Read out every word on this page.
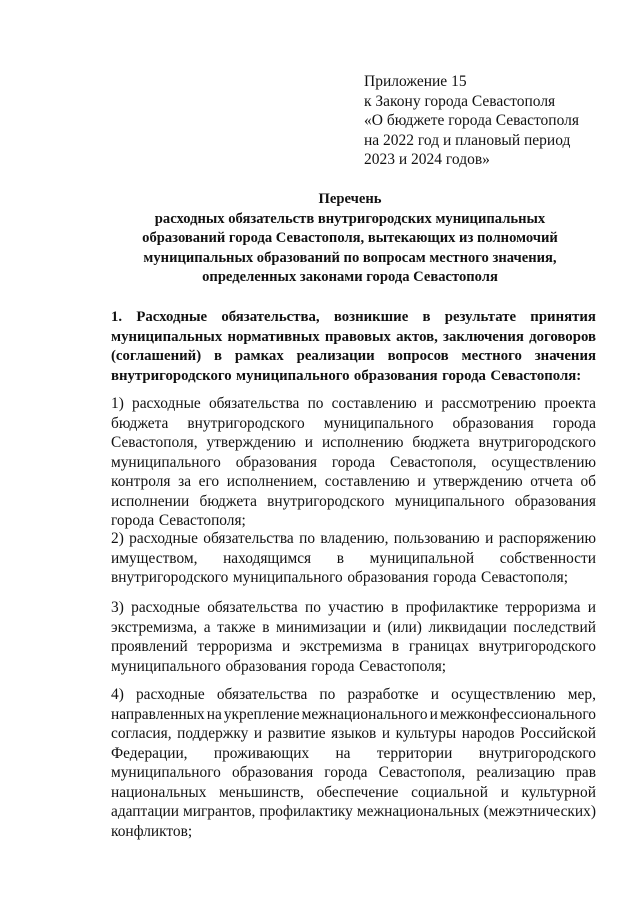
Приложение 15
к Закону города Севастополя
«О бюджете города Севастополя
на 2022 год и плановый период
2023 и 2024 годов»
Перечень
расходных обязательств внутригородских муниципальных
образований города Севастополя, вытекающих из полномочий
муниципальных образований по вопросам местного значения,
определенных законами города Севастополя
1. Расходные обязательства, возникшие в результате принятия
муниципальных нормативных правовых актов, заключения договоров
(соглашений) в рамках реализации вопросов местного значения
внутригородского муниципального образования города Севастополя:
1) расходные обязательства по составлению и рассмотрению проекта
бюджета внутригородского муниципального образования города
Севастополя, утверждению и исполнению бюджета внутригородского
муниципального образования города Севастополя, осуществлению
контроля за его исполнением, составлению и утверждению отчета об
исполнении бюджета внутригородского муниципального образования
города Севастополя;
2) расходные обязательства по владению, пользованию и распоряжению
имуществом, находящимся в муниципальной собственности
внутригородского муниципального образования города Севастополя;
3) расходные обязательства по участию в профилактике терроризма и
экстремизма, а также в минимизации и (или) ликвидации последствий
проявлений терроризма и экстремизма в границах внутригородского
муниципального образования города Севастополя;
4) расходные обязательства по разработке и осуществлению мер,
направленных на укрепление межнационального и межконфессионального
согласия, поддержку и развитие языков и культуры народов Российской
Федерации, проживающих на территории внутригородского
муниципального образования города Севастополя, реализацию прав
национальных меньшинств, обеспечение социальной и культурной
адаптации мигрантов, профилактику межнациональных (межэтнических)
конфликтов;
